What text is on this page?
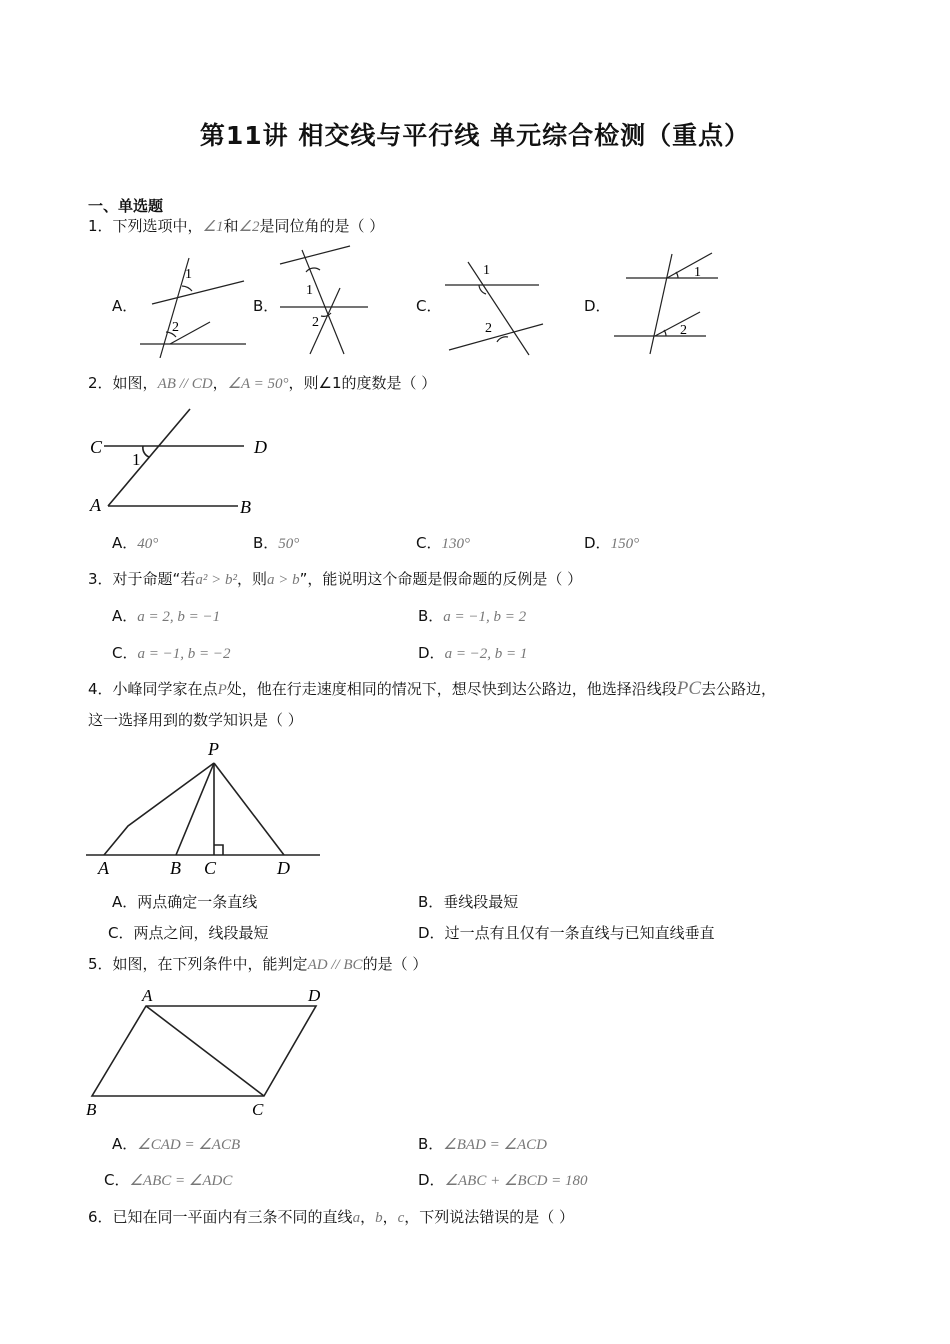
第11讲 相交线与平行线 单元综合检测（重点）
一、单选题
1．下列选项中，∠1和∠2是同位角的是（ ）
A．
1
2
B．
1
2
C．
1
2
D．
1
2
2．如图，AB // CD，∠A = 50°，则∠1的度数是（ ）
C	D
A	B
1
A．40°	B．50°	C．130°	D．150°
3．对于命题“若a² > b²，则a > b”，能说明这个命题是假命题的反例是（ ）
A．a = 2, b = −1	B．a = −1, b = 2
C．a = −1, b = −2	D．a = −2, b = 1
4．小峰同学家在点P处，他在行走速度相同的情况下，想尽快到达公路边，他选择沿线段PC去公路边，
这一选择用到的数学知识是（ ）
P
A	B C	D
A．两点确定一条直线	B．垂线段最短
C．两点之间，线段最短	D．过一点有且仅有一条直线与已知直线垂直
5．如图，在下列条件中，能判定AD // BC的是（ ）
A	D
B	C
A．∠CAD = ∠ACB	B．∠BAD = ∠ACD
C．∠ABC = ∠ADC	D．∠ABC + ∠BCD = 180
6．已知在同一平面内有三条不同的直线a，b，c，下列说法错误的是（ ）
